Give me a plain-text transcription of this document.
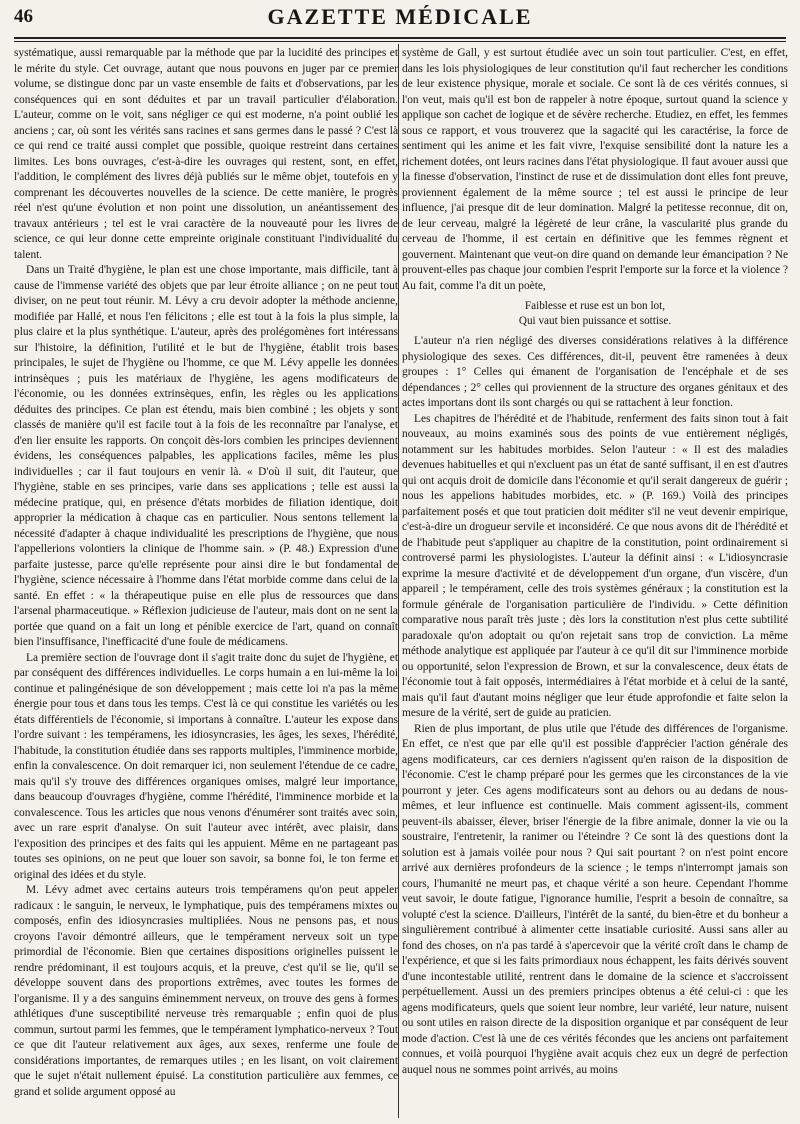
46	GAZETTE MÉDICALE

systématique, aussi remarquable par la méthode que par la lucidité des principes et le mérite du style. Cet ouvrage, autant que nous pouvons en juger par ce premier volume, se distingue donc par un vaste ensemble de faits et d'observations, par les conséquences qui en sont déduites et par un travail particulier d'élaboration. L'auteur, comme on le voit, sans négliger ce qui est moderne, n'a point oublié les anciens ; car, où sont les vérités sans racines et sans germes dans le passé ? C'est là ce qui rend ce traité aussi complet que possible, quoique restreint dans certaines limites. Les bons ouvrages, c'est-à-dire les ouvrages qui restent, sont, en effet, l'addition, le complément des livres déjà publiés sur le même objet, toutefois en y comprenant les découvertes nouvelles de la science. De cette manière, le progrès réel n'est qu'une évolution et non point une dissolution, un anéantissement des travaux antérieurs ; tel est le vrai caractère de la nouveauté pour les livres de science, ce qui leur donne cette empreinte originale constituant l'individualité du talent.

Dans un Traité d'hygiène, le plan est une chose importante, mais difficile, tant à cause de l'immense variété des objets que par leur étroite alliance ; on ne peut tout diviser, on ne peut tout réunir. M. Lévy a cru devoir adopter la méthode ancienne, modifiée par Hallé, et nous l'en félicitons ; elle est tout à la fois la plus simple, la plus claire et la plus synthétique. L'auteur, après des prolégomènes fort intéressans sur l'histoire, la définition, l'utilité et le but de l'hygiène, établit trois bases principales, le sujet de l'hygiène ou l'homme, ce que M. Lévy appelle les données intrinsèques ; puis les matériaux de l'hygiène, les agens modificateurs de l'économie, ou les données extrinsèques, enfin, les règles ou les applications déduites des principes. Ce plan est étendu, mais bien combiné ; les objets y sont classés de manière qu'il est facile tout à la fois de les reconnaître par l'analyse, et d'en lier ensuite les rapports. On conçoit dès-lors combien les principes deviennent évidens, les conséquences palpables, les applications faciles, même les plus individuelles ; car il faut toujours en venir là. « D'où il suit, dit l'auteur, que l'hygiène, stable en ses principes, varie dans ses applications ; telle est aussi la médecine pratique, qui, en présence d'états morbides de filiation identique, doit approprier la médication à chaque cas en particulier. Nous sentons tellement la nécessité d'adapter à chaque individualité les prescriptions de l'hygiène, que nous l'appellerions volontiers la clinique de l'homme sain. » (P. 48.) Expression d'une parfaite justesse, parce qu'elle représente pour ainsi dire le but fondamental de l'hygiène, science nécessaire à l'homme dans l'état morbide comme dans celui de la santé. En effet : « la thérapeutique puise en elle plus de ressources que dans l'arsenal pharmaceutique. » Réflexion judicieuse de l'auteur, mais dont on ne sent la portée que quand on a fait un long et pénible exercice de l'art, quand on connaît bien l'insuffisance, l'inefficacité d'une foule de médicamens.

La première section de l'ouvrage dont il s'agit traite donc du sujet de l'hygiène, et par conséquent des différences individuelles. Le corps humain a en lui-même la loi continue et palingénésique de son développement ; mais cette loi n'a pas la même énergie pour tous et dans tous les temps. C'est là ce qui constitue les variétés ou les états différentiels de l'économie, si importans à connaître. L'auteur les expose dans l'ordre suivant : les tempéramens, les idiosyncrasies, les âges, les sexes, l'hérédité, l'habitude, la constitution étudiée dans ses rapports multiples, l'imminence morbide, enfin la convalescence. On doit remarquer ici, non seulement l'étendue de ce cadre, mais qu'il s'y trouve des différences organiques omises, malgré leur importance, dans beaucoup d'ouvrages d'hygiène, comme l'hérédité, l'imminence morbide et la convalescence. Tous les articles que nous venons d'énumérer sont traités avec soin, avec un rare esprit d'analyse. On suit l'auteur avec intérêt, avec plaisir, dans l'exposition des principes et des faits qui les appuient. Même en ne partageant pas toutes ses opinions, on ne peut que louer son savoir, sa bonne foi, le ton ferme et original des idées et du style.

M. Lévy admet avec certains auteurs trois tempéramens qu'on peut appeler radicaux : le sanguin, le nerveux, le lymphatique, puis des tempéramens mixtes ou composés, enfin des idiosyncrasies multipliées. Nous ne pensons pas, et nous croyons l'avoir démontré ailleurs, que le tempérament nerveux soit un type primordial de l'économie. Bien que certaines dispositions originelles puissent le rendre prédominant, il est toujours acquis, et la preuve, c'est qu'il se lie, qu'il se développe souvent dans des proportions extrêmes, avec toutes les formes de l'organisme. Il y a des sanguins éminemment nerveux, on trouve des gens à formes athlétiques d'une susceptibilité nerveuse très remarquable ; enfin quoi de plus commun, surtout parmi les femmes, que le tempérament lymphatico-nerveux ? Tout ce que dit l'auteur relativement aux âges, aux sexes, renferme une foule de considérations importantes, de remarques utiles ; en les lisant, on voit clairement que le sujet n'était nullement épuisé. La constitution particulière aux femmes, ce grand et solide argument opposé au

système de Gall, y est surtout étudiée avec un soin tout particulier. C'est, en effet, dans les lois physiologiques de leur constitution qu'il faut rechercher les conditions de leur existence physique, morale et sociale. Ce sont là de ces vérités connues, si l'on veut, mais qu'il est bon de rappeler à notre époque, surtout quand la science y applique son cachet de logique et de sévère recherche. Etudiez, en effet, les femmes sous ce rapport, et vous trouverez que la sagacité qui les caractérise, la force de sentiment qui les anime et les fait vivre, l'exquise sensibilité dont la nature les a richement dotées, ont leurs racines dans l'état physiologique. Il faut avouer aussi que la finesse d'observation, l'instinct de ruse et de dissimulation dont elles font preuve, proviennent également de la même source ; tel est aussi le principe de leur influence, j'ai presque dit de leur domination. Malgré la petitesse reconnue, dit on, de leur cerveau, malgré la légèreté de leur crâne, la vascularité plus grande du cerveau de l'homme, il est certain en définitive que les femmes règnent et gouvernent. Maintenant que veut-on dire quand on demande leur émancipation ? Ne prouvent-elles pas chaque jour combien l'esprit l'emporte sur la force et la violence ? Au fait, comme l'a dit un poète,

Faiblesse et ruse est un bon lot,
Qui vaut bien puissance et sottise.

L'auteur n'a rien négligé des diverses considérations relatives à la différence physiologique des sexes. Ces différences, dit-il, peuvent être ramenées à deux groupes : 1° Celles qui émanent de l'organisation de l'encéphale et de ses dépendances ; 2° celles qui proviennent de la structure des organes génitaux et des actes importans dont ils sont chargés ou qui se rattachent à leur fonction.

Les chapitres de l'hérédité et de l'habitude, renferment des faits sinon tout à fait nouveaux, au moins examinés sous des points de vue entièrement négligés, notamment sur les habitudes morbides. Selon l'auteur : « Il est des maladies devenues habituelles et qui n'excluent pas un état de santé suffisant, il en est d'autres qui ont acquis droit de domicile dans l'économie et qu'il serait dangereux de guérir ; nous les appelions habitudes morbides, etc. » (P. 169.) Voilà des principes parfaitement posés et que tout praticien doit méditer s'il ne veut devenir empirique, c'est-à-dire un drogueur servile et inconsidéré. Ce que nous avons dit de l'hérédité et de l'habitude peut s'appliquer au chapitre de la constitution, point ordinairement si controversé parmi les physiologistes. L'auteur la définit ainsi : « L'idiosyncrasie exprime la mesure d'activité et de développement d'un organe, d'un viscère, d'un appareil ; le tempérament, celle des trois systèmes généraux ; la constitution est la formule générale de l'organisation particulière de l'individu. » Cette définition comparative nous paraît très juste ; dès lors la constitution n'est plus cette subtilité paradoxale qu'on adoptait ou qu'on rejetait sans trop de conviction. La même méthode analytique est appliquée par l'auteur à ce qu'il dit sur l'imminence morbide ou opportunité, selon l'expression de Brown, et sur la convalescence, deux états de l'économie tout à fait opposés, intermédiaires à l'état morbide et à celui de la santé, mais qu'il faut d'autant moins négliger que leur étude approfondie et faite selon la mesure de la vérité, sert de guide au praticien.

Rien de plus important, de plus utile que l'étude des différences de l'organisme. En effet, ce n'est que par elle qu'il est possible d'apprécier l'action générale des agens modificateurs, car ces derniers n'agissent qu'en raison de la disposition de l'économie. C'est le champ préparé pour les germes que les circonstances de la vie pourront y jeter. Ces agens modificateurs sont au dehors ou au dedans de nous-mêmes, et leur influence est continuelle. Mais comment agissent-ils, comment peuvent-ils abaisser, élever, briser l'énergie de la fibre animale, donner la vie ou la soustraire, l'entretenir, la ranimer ou l'éteindre ? Ce sont là des questions dont la solution est à jamais voilée pour nous ? Qui sait pourtant ? on n'est point encore arrivé aux dernières profondeurs de la science ; le temps n'interrompt jamais son cours, l'humanité ne meurt pas, et chaque vérité a son heure. Cependant l'homme veut savoir, le doute fatigue, l'ignorance humilie, l'esprit a besoin de connaître, sa volupté c'est la science. D'ailleurs, l'intérêt de la santé, du bien-être et du bonheur a singulièrement contribué à alimenter cette insatiable curiosité. Aussi sans aller au fond des choses, on n'a pas tardé à s'apercevoir que la vérité croît dans le champ de l'expérience, et que si les faits primordiaux nous échappent, les faits dérivés souvent d'une incontestable utilité, rentrent dans le domaine de la science et s'accroissent perpétuellement. Aussi un des premiers principes obtenus a été celui-ci : que les agens modificateurs, quels que soient leur nombre, leur variété, leur nature, nuisent ou sont utiles en raison directe de la disposition organique et par conséquent de leur mode d'action. C'est là une de ces vérités fécondes que les anciens ont parfaitement connues, et voilà pourquoi l'hygiène avait acquis chez eux un degré de perfection auquel nous ne sommes point arrivés, au moins
